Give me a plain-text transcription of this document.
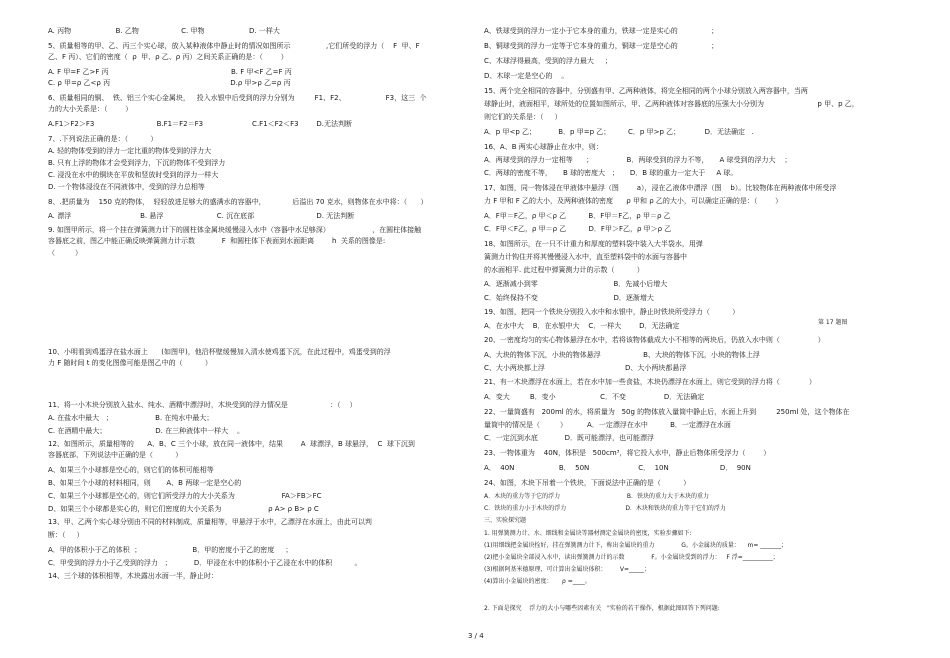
A. 丙物                    B. 乙物                   C. 甲物                    D. 一样大
5、质量相等的甲、乙、丙三个实心球，放入某种液体中静止时的情况如图所示                ,它们所受的浮力（    F  甲、F
乙、F 丙）、它们的密度（  ρ  甲、ρ 乙、ρ 丙）之间关系正确的是：（        ）
A. F 甲=F 乙>F 丙                                                       B. F 甲<F 乙=F 丙
C. ρ 甲=ρ 乙<ρ 丙                                                      D.ρ 甲>ρ 乙=ρ 丙
6、质量相同的铜、  铁、铝三个实心金属块，   投入水银中后受到的浮力分别为         F1、F2、                  F3，这三  个
力的大小关系是：（        ）
A.F1＞F2＞F3                            B.F1＝F2＝F3                      C.F1＜F2＜F3        D.无法判断
7、.下列说法正确的是：（          ）
A. 轻的物体受到的浮力一定比重的物体受到的浮力大
B. 只有上浮的物体才会受到浮力，下沉的物体不受到浮力
C. 浸没在水中的铜块在平放和竖放时受到的浮力一样大
D. 一个物体浸没在不同液体中，受到的浮力总相等
8、.把质量为    150 克的物体，  轻轻放进足够大的盛满水的容器中，            后溢出 70 克水，则物体在水中将：（      ）
A. 漂浮                               B. 悬浮                        C. 沉在底部                            D. 无法判断
9. 如图甲所示，将一个挂在弹簧测力计下的圆柱体金属块缓慢浸入水中（容器中水足够深）                   ，在圆柱体接触
容器底之前，图乙中能正确反映弹簧测力计示数            F  和圆柱体下表面到水面距离        h  关系的图像是:
（         ）
10、小明看到鸡蛋浮在盐水面上      (如图甲)，他沿杯壁缓慢加入清水使鸡蛋下沉，在此过程中，鸡蛋受到的浮
力 F 随时间 t 的变化图像可能是图乙中的（          ）
11、将一小木块分别放入盐水、纯水、酒精中漂浮时，木块受到的浮力情况是                   ：（    ）
A. 在盐水中最大   ；                   B. 在纯水中最大；
C. 在酒精中最大；                      D. 在三种液体中一样大    。
12、如图所示，质量相等的      A、B、C 三个小球，放在同一液体中，结果        A  球漂浮，B 球悬浮，  C  球下沉到
容器底部，下列说法中正确的是（          ）
A、如果三个小球都是空心的，则它们的体积可能相等
B、如果三个小球的材料相同，则       A、B 两球一定是空心的
C、如果三个小球都是空心的，则它们所受浮力的大小关系为                     FA＞FB＞FC
D、如果三个小球都是实心的，则它们密度的大小关系为                     ρ A> ρ B> ρ C
13、甲、乙两个实心球分别由不同的材料制成，质量相等，甲悬浮于水中，乙漂浮在水面上，由此可以判
断：（     ）
A．甲的体积小于乙的体积  ；                       B．甲的密度小于乙的密度     ；
C．甲受到的浮力小于乙受到的浮力   ；          D．甲浸在水中的体积小于乙浸在水中的体积          。
14、三个球的体积相等，木块露出水面一半，静止时：
A、铁球受到的浮力一定小于它本身的重力，铁球一定是实心的               ；
B、铜球受到的浮力一定等于它本身的重力，铜球一定是空心的               ；
C、木球浮得最高，受到的浮力最大     ；
D、木球一定是空心的    。
15、两个完全相同的容器中，分别盛有甲、乙两种液体，将完全相同的两个小球分别放入两容器中，当两
球静止时，液面相平，球所处的位置如图所示，甲、乙两种液体对容器底的压强大小分别为                        p 甲、p 乙，
则它们的关系是：（     ）
A．p 甲<p 乙；          B．p 甲=p 乙；        C．p 甲>p 乙；           D．无法确定   .
16、A、B 两实心球静止在水中，则：
A．两球受到的浮力一定相等      ；               B．两球受到的浮力不等，     A 球受到的浮力大    ；
C．两球的密度不等，     B 球的密度大   ；     D．B 球的重力一定大于     A 球。
17、如图，同一物体浸在甲液体中悬浮（图        a），浸在乙液体中漂浮（图    b）。比较物体在两种液体中所受浮
力 F 甲和 F 乙的大小，及两种液体的密度      ρ 甲和 ρ 乙的大小，可以确定正确的是：（        ）
A．F甲＝F乙，ρ 甲＜ρ 乙          B．F甲＝F乙，ρ 甲＝ρ 乙
C．F甲＜F乙，ρ 甲＝ρ 乙          D．F甲＞F乙，ρ 甲＞ρ 乙
18、如图所示，在一只不计重力和厚度的塑料袋中装入大半袋水，用弹
簧测力计钩住并将其慢慢浸入水中，直至塑料袋中的水面与容器中
的水面相平. 此过程中弹簧测力计的示数（          ）
A．逐渐减小到零                                  B．先减小后增大
C．始终保持不变                                  D．逐渐增大
19、如图，把同一个铁块分别投入水中和水银中，静止时铁块所受浮力（          ）
A．在水中大    B．在水银中大    C．一样大        D．无法确定
20、一密度均匀的实心物体悬浮在水中，若将该物体截成大小不相等的两块后，仍放入水中则（                 ）
A、大块的物体下沉，小块的物体悬浮                   B、大块的物体下沉，小块的物体上浮
C、大小两块都上浮                                    D、大小两块都悬浮
21、有一木块漂浮在水面上，若在水中加一些食盐，木块仍漂浮在水面上，则它受到的浮力将（             ）
A．变大         B．变小                    C．不变                 D．无法确定
22、一量筒盛有   200ml 的水，将质量为   50g 的物体放入量筒中静止后，水面上升到         250ml 处，这个物体在
量筒中的情况是（         ）         A．一定漂浮在水中          B．一定漂浮在水面
C．一定沉到水底            D．既可能漂浮，也可能漂浮
23、一物体重为    40N，体积是   500cm³，将它投入水中，静止后物体所受浮力（        ）
A．  40N                    B．  50N                      C．  10N                       D．  90N
24、如图，木块下吊着一个铁块，下面说法中正确的是（          ）
A．木块的重力等于它的浮力                                   B．铁块的重力大于木块的重力
C．铁块的重力小于木块的浮力                               D．木块和铁块的重力等于它们的浮力
三、实验探究题
1. 用弹簧测力计、水、细线和金属块等器材测定金属块的密度，实验步骤如下:
(1)用细线把金属块拴好，挂在弹簧测力计下，称出金属块的重力              G。小金属块的质量：    m= _______；
(2)把小金属块全部浸入水中，读出弹簧测力计的示数              F。小金属块受到的浮力：   F 浮=__________；
(3)根据阿基米德原理，可计算出金属块体积：       V=_____；
(4)算出小金属块的密度：     ρ =____。
2. 下面是探究    浮力的大小与哪些因素有关   "实验的若干操作，根据此图回答下列问题:
第 17 题图
3 / 4
